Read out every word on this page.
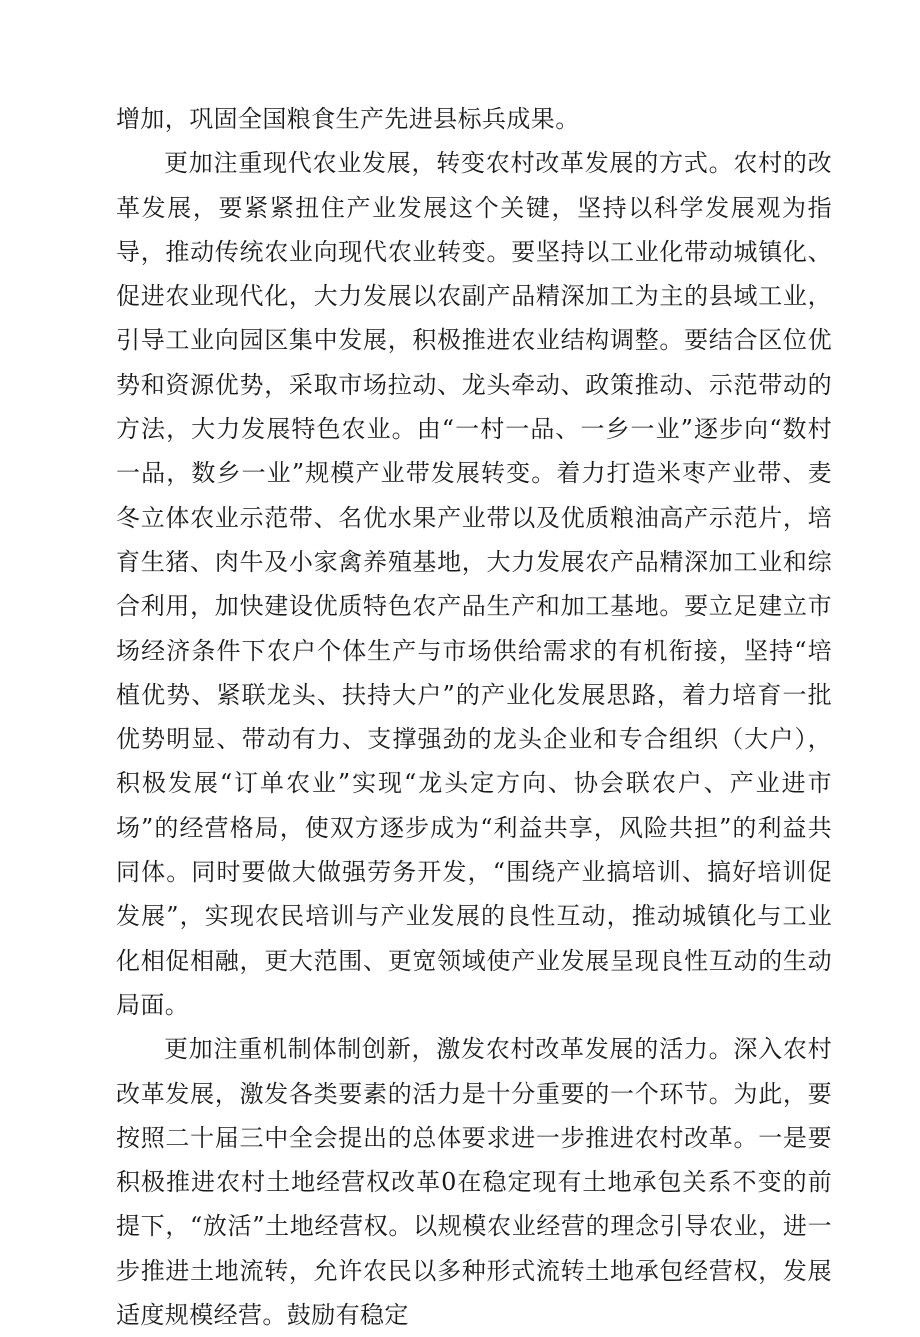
增加，巩固全国粮食生产先进县标兵成果。

更加注重现代农业发展，转变农村改革发展的方式。农村的改革发展，要紧紧扭住产业发展这个关键，坚持以科学发展观为指导，推动传统农业向现代农业转变。要坚持以工业化带动城镇化、促进农业现代化，大力发展以农副产品精深加工为主的县域工业，引导工业向园区集中发展，积极推进农业结构调整。要结合区位优势和资源优势，采取市场拉动、龙头牵动、政策推动、示范带动的方法，大力发展特色农业。由“一村一品、一乡一业”逐步向“数村一品，数乡一业”规模产业带发展转变。着力打造米枣产业带、麦冬立体农业示范带、名优水果产业带以及优质粮油高产示范片，培育生猪、肉牛及小家禽养殖基地，大力发展农产品精深加工业和综合利用，加快建设优质特色农产品生产和加工基地。要立足建立市场经济条件下农户个体生产与市场供给需求的有机衔接，坚持“培植优势、紧联龙头、扶持大户”的产业化发展思路，着力培育一批优势明显、带动有力、支撑强劲的龙头企业和专合组织（大户），积极发展“订单农业”实现“龙头定方向、协会联农户、产业进市场”的经营格局，使双方逐步成为“利益共享，风险共担”的利益共同体。同时要做大做强劳务开发，“围绕产业搞培训、搞好培训促发展”，实现农民培训与产业发展的良性互动，推动城镇化与工业化相促相融，更大范围、更宽领域使产业发展呈现良性互动的生动局面。

更加注重机制体制创新，激发农村改革发展的活力。深入农村改革发展，激发各类要素的活力是十分重要的一个环节。为此，要按照二十届三中全会提出的总体要求进一步推进农村改革。一是要积极推进农村土地经营权改革0在稳定现有土地承包关系不变的前提下，“放活”土地经营权。以规模农业经营的理念引导农业，进一步推进土地流转，允许农民以多种形式流转土地承包经营权，发展适度规模经营。鼓励有稳定
